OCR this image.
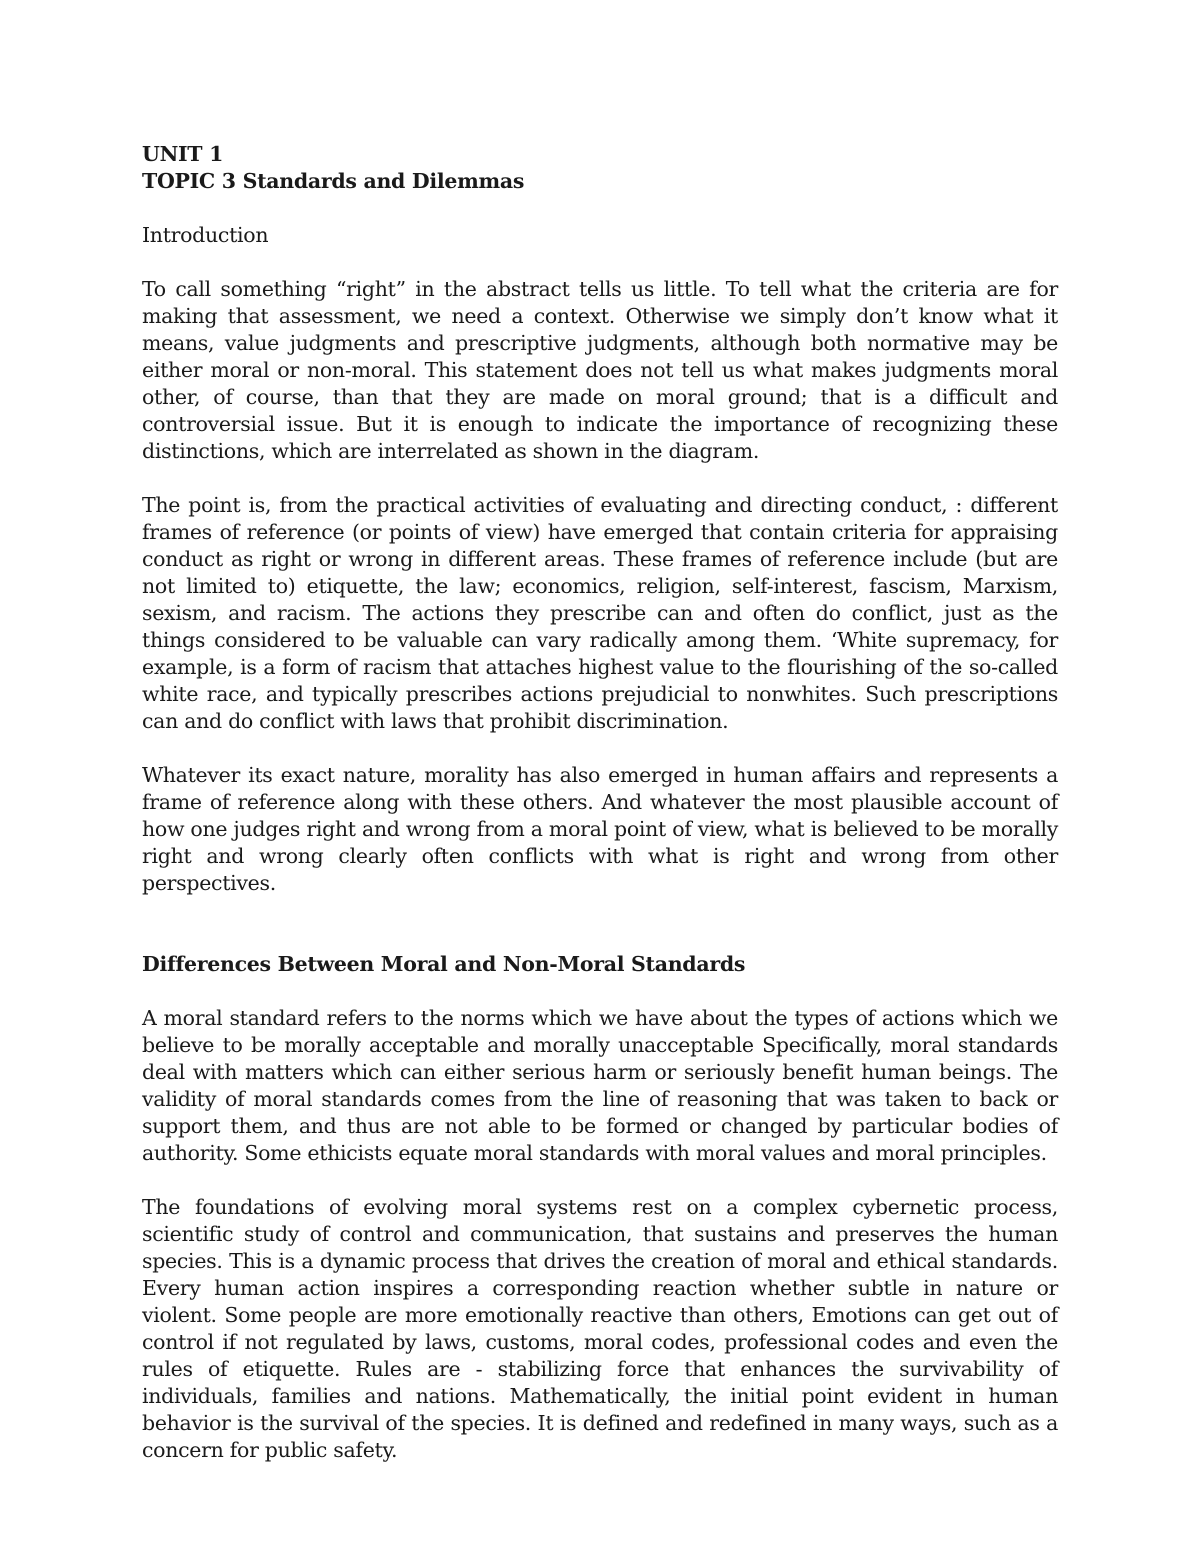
UNIT 1
TOPIC 3 Standards and Dilemmas
Introduction

To call something “right” in the abstract tells us little. To tell what the criteria are for making that assessment, we need a context. Otherwise we simply don’t know what it means, value judgments and prescriptive judgments, although both normative may be either moral or non-moral. This statement does not tell us what makes judgments moral other, of course, than that they are made on moral ground; that is a difficult and controversial issue. But it is enough to indicate the importance of recognizing these distinctions, which are interrelated as shown in the diagram.

The point is, from the practical activities of evaluating and directing conduct, : different frames of reference (or points of view) have emerged that contain criteria for appraising conduct as right or wrong in different areas. These frames of reference include (but are not limited to) etiquette, the law; economics, religion, self-interest, fascism, Marxism, sexism, and racism. The actions they prescribe can and often do conflict, just as the things considered to be valuable can vary radically among them. ‘White supremacy, for example, is a form of racism that attaches highest value to the flourishing of the so-called white race, and typically prescribes actions prejudicial to nonwhites. Such prescriptions can and do conflict with laws that prohibit discrimination.

Whatever its exact nature, morality has also emerged in human affairs and represents a frame of reference along with these others. And whatever the most plausible account of how one judges right and wrong from a moral point of view, what is believed to be morally right and wrong clearly often conflicts with what is right and wrong from other perspectives.

Differences Between Moral and Non-Moral Standards

A moral standard refers to the norms which we have about the types of actions which we believe to be morally acceptable and morally unacceptable Specifically, moral standards deal with matters which can either serious harm or seriously benefit human beings. The validity of moral standards comes from the line of reasoning that was taken to back or support them, and thus are not able to be formed or changed by particular bodies of authority. Some ethicists equate moral standards with moral values and moral principles.

The foundations of evolving moral systems rest on a complex cybernetic process, scientific study of control and communication, that sustains and preserves the human species. This is a dynamic process that drives the creation of moral and ethical standards. Every human action inspires a corresponding reaction whether subtle in nature or violent. Some people are more emotionally reactive than others, Emotions can get out of control if not regulated by laws, customs, moral codes, professional codes and even the rules of etiquette. Rules are - stabilizing force that enhances the survivability of individuals, families and nations. Mathematically, the initial point evident in human behavior is the survival of the species. It is defined and redefined in many ways, such as a concern for public safety.
